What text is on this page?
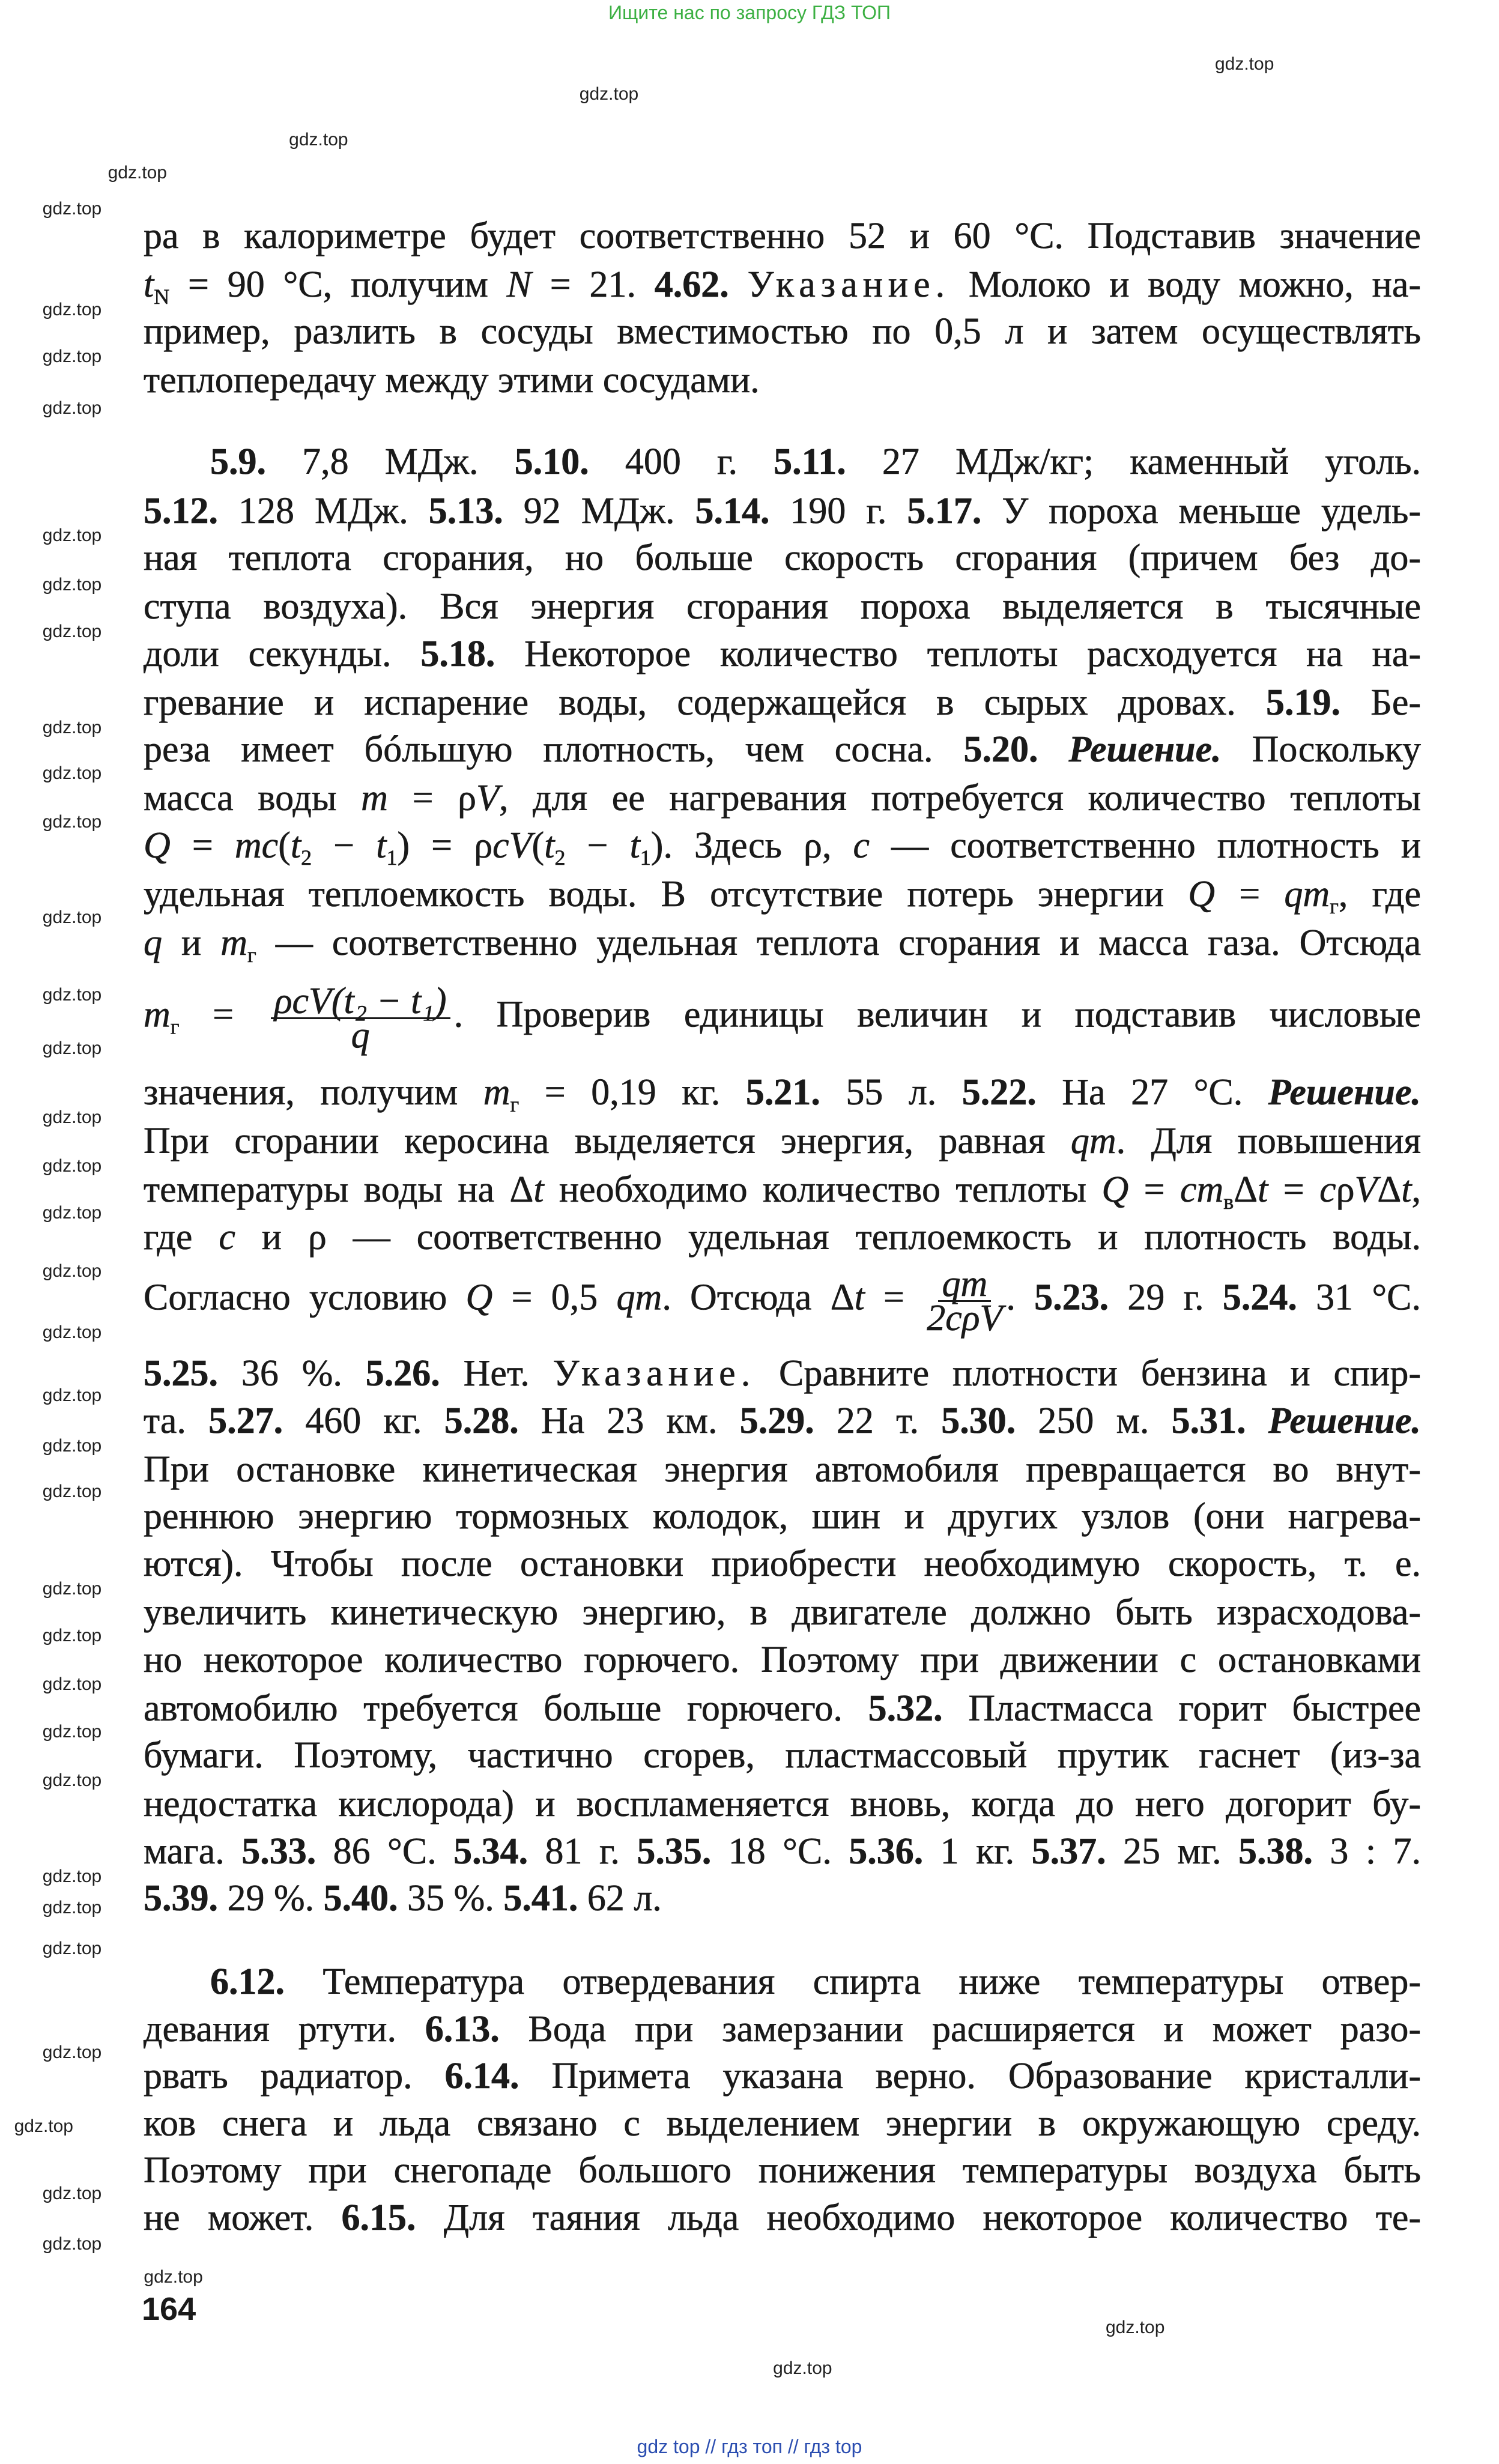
Ищите нас по запросу ГДЗ ТОП
ра в калориметре будет соответственно 52 и 60 °С. Подставив значение
$t_N = 90$ °С, получим N = 21. 4.62. Указание. Молоко и воду можно, на-
пример, разлить в сосуды вместимостью по 0,5 л и затем осуществлять
теплопередачу между этими сосудами.
5.9. 7,8 МДж. 5.10. 400 г. 5.11. 27 МДж/кг; каменный уголь.
5.12. 128 МДж. 5.13. 92 МДж. 5.14. 190 г. 5.17. У пороха меньше удель-
ная теплота сгорания, но больше скорость сгорания (причем без до-
ступа воздуха). Вся энергия сгорания пороха выделяется в тысячные
доли секунды. 5.18. Некоторое количество теплоты расходуется на на-
гревание и испарение воды, содержащейся в сырых дровах. 5.19. Бе-
реза имеет бóльшую плотность, чем сосна. 5.20. Решение. Поскольку
масса воды m = ρV, для ее нагревания потребуется количество теплоты
$Q = mc(t_2 - t_1) = \rho cV(t_2 - t_1)$. Здесь ρ, c — соответственно плотность и
удельная теплоемкость воды. В отсутствие потерь энергии $Q = qm_г$, где
q и $m_г$ — соответственно удельная теплота сгорания и масса газа. Отсюда
$m_г = \frac{\text{ρcV(t₂ − t₁)}}{q}$ . Проверив единицы величин и подставив числовые
значения, получим $m_г = 0,19$ кг. 5.21. 55 л. 5.22. На 27 °С. Решение.
При сгорании керосина выделяется энергия, равная qm. Для повышения
температуры воды на Δt необходимо количество теплоты $Q = cm_в\Delta t = c\rho V\Delta t$,
где c и ρ — соответственно удельная теплоемкость и плотность воды.
Согласно условию Q = 0,5 qm. Отсюда $\Delta t = \frac{qm}{\text{2cρV}}$ . 5.23. 29 г. 5.24. 31 °С.
5.25. 36 %. 5.26. Нет. Указание. Сравните плотности бензина и спир-
та. 5.27. 460 кг. 5.28. На 23 км. 5.29. 22 т. 5.30. 250 м. 5.31. Решение.
При остановке кинетическая энергия автомобиля превращается во внут-
реннюю энергию тормозных колодок, шин и других узлов (они нагрева-
ются). Чтобы после остановки приобрести необходимую скорость, т. е.
увеличить кинетическую энергию, в двигателе должно быть израсходова-
но некоторое количество горючего. Поэтому при движении с остановками
автомобилю требуется больше горючего. 5.32. Пластмасса горит быстрее
бумаги. Поэтому, частично сгорев, пластмассовый прутик гаснет (из-за
недостатка кислорода) и воспламеняется вновь, когда до него догорит бу-
мага. 5.33. 86 °С. 5.34. 81 г. 5.35. 18 °С. 5.36. 1 кг. 5.37. 25 мг. 5.38. 3 : 7.
5.39. 29 %. 5.40. 35 %. 5.41. 62 л.
6.12. Температура отвердевания спирта ниже температуры отвер-
девания ртути. 6.13. Вода при замерзании расширяется и может разо-
рвать радиатор. 6.14. Примета указана верно. Образование кристалли-
ков снега и льда связано с выделением энергии в окружающую среду.
Поэтому при снегопаде большого понижения температуры воздуха быть
не может. 6.15. Для таяния льда необходимо некоторое количество те-
gdz.top
gdz.top
gdz.top
gdz.top
gdz.top
gdz.top
gdz.top
gdz.top
gdz.top
gdz.top
gdz.top
gdz.top
gdz.top
gdz.top
gdz.top
gdz.top
gdz.top
gdz.top
gdz.top
gdz.top
gdz.top
gdz.top
gdz.top
gdz.top
gdz.top
gdz.top
gdz.top
gdz.top
gdz.top
gdz.top
gdz.top
gdz.top
gdz.top
gdz.top
gdz.top
gdz.top
gdz.top
gdz.top
gdz.top
gdz.top
164
gdz top // гдз топ // гдз top
